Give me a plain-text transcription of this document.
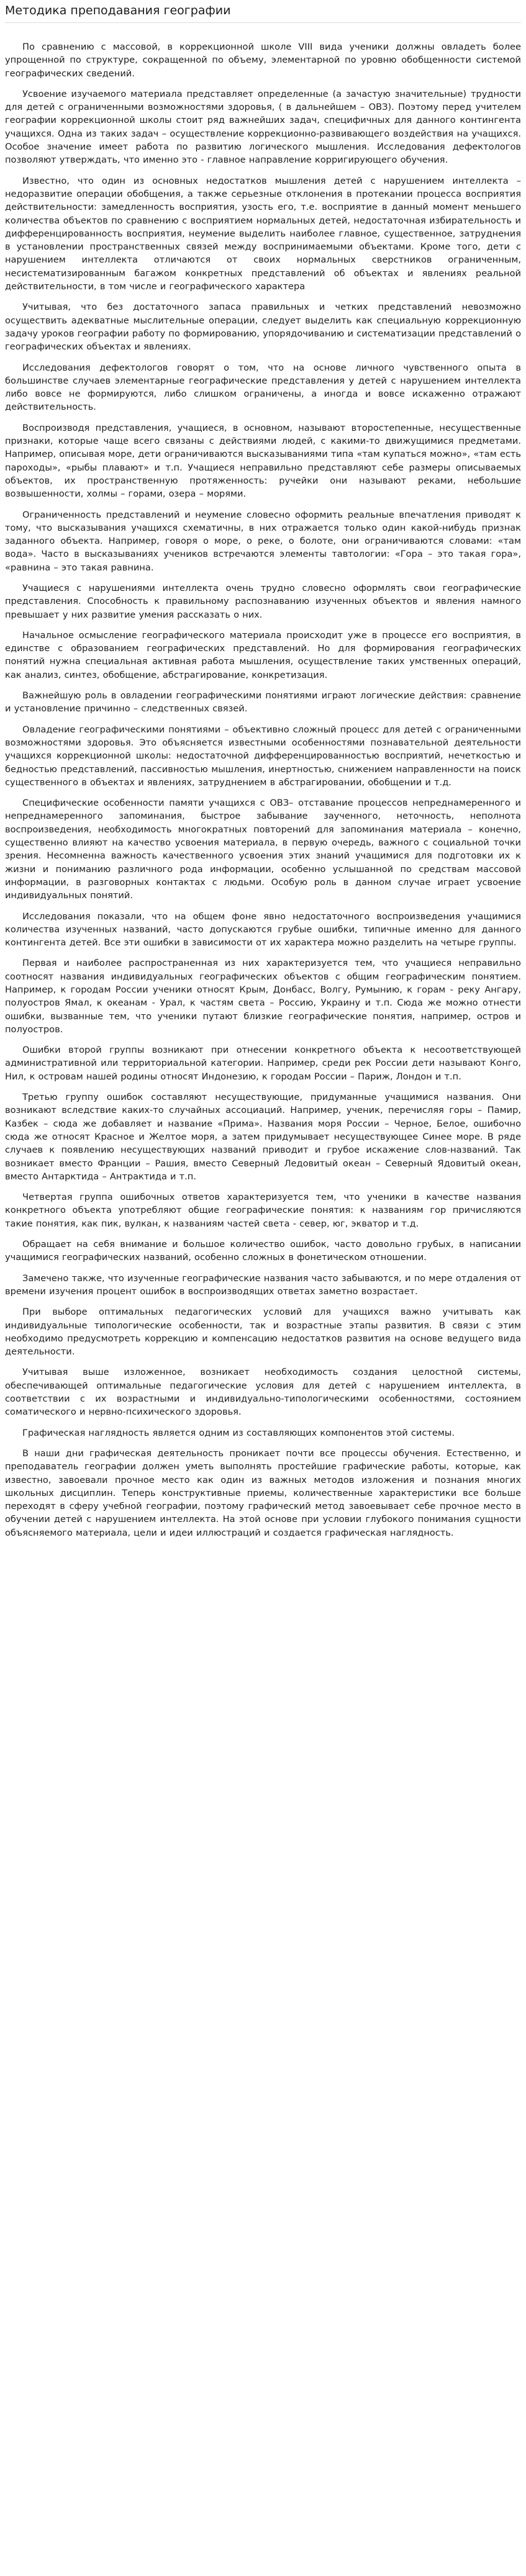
Методика преподавания географии

По сравнению с массовой, в коррекционной школе VIII вида ученики должны овладеть более упрощенной по структуре, сокращенной по объему, элементарной по уровню обобщенности системой географических сведений.

Усвоение изучаемого материала представляет определенные (а зачастую значительные) трудности для детей с ограниченными возможностями здоровья, ( в дальнейшем – ОВЗ). Поэтому перед учителем географии коррекционной школы стоит ряд важнейших задач, специфичных для данного контингента учащихся. Одна из таких задач – осуществление коррекционно-развивающего воздействия на учащихся. Особое значение имеет работа по развитию логического мышления. Исследования дефектологов позволяют утверждать, что именно это - главное направление корригирующего обучения.

Известно, что один из основных недостатков мышления детей с нарушением интеллекта – недоразвитие операции обобщения, а также серьезные отклонения в протекании процесса восприятия действительности: замедленность восприятия, узость его, т.е. восприятие в данный момент меньшего количества объектов по сравнению с восприятием нормальных детей, недостаточная избирательность и дифференцированность восприятия, неумение выделить наиболее главное, существенное, затруднения в установлении пространственных связей между воспринимаемыми объектами. Кроме того, дети с нарушением интеллекта отличаются от своих нормальных сверстников ограниченным, несистематизированным багажом конкретных представлений об объектах и явлениях реальной действительности, в том числе и географического характера

Учитывая, что без достаточного запаса правильных и четких представлений невозможно осуществить адекватные мыслительные операции, следует выделить как специальную коррекционную задачу уроков географии работу по формированию, упорядочиванию и систематизации представлений о географических объектах и явлениях.

Исследования дефектологов говорят о том, что на основе личного чувственного опыта в большинстве случаев элементарные географические представления у детей с нарушением интеллекта либо вовсе не формируются, либо слишком ограничены, а иногда и вовсе искаженно отражают действительность.

Воспроизводя представления, учащиеся, в основном, называют второстепенные, несущественные признаки, которые чаще всего связаны с действиями людей, с какими-то движущимися предметами. Например, описывая море, дети ограничиваются высказываниями типа «там купаться можно», «там есть пароходы», «рыбы плавают» и т.п. Учащиеся неправильно представляют себе размеры описываемых объектов, их пространственную протяженность: ручейки они называют реками, небольшие возвышенности, холмы – горами, озера – морями.

Ограниченность представлений и неумение словесно оформить реальные впечатления приводят к тому, что высказывания учащихся схематичны, в них отражается только один какой-нибудь признак заданного объекта. Например, говоря о море, о реке, о болоте, они ограничиваются словами: «там вода». Часто в высказываниях учеников встречаются элементы тавтологии: «Гора – это такая гора», «равнина – это такая равнина.

Учащиеся с нарушениями интеллекта очень трудно словесно оформлять свои географические представления. Способность к правильному распознаванию изученных объектов и явления намного превышает у них развитие умения рассказать о них.

Начальное осмысление географического материала происходит уже в процессе его восприятия, в единстве с образованием географических представлений. Но для формирования географических понятий нужна специальная активная работа мышления, осуществление таких умственных операций, как анализ, синтез, обобщение, абстрагирование, конкретизация.

Важнейшую роль в овладении географическими понятиями играют логические действия: сравнение и установление причинно – следственных связей.

Овладение географическими понятиями – объективно сложный процесс для детей с ограниченными возможностями здоровья. Это объясняется известными особенностями познавательной деятельности учащихся коррекционной школы: недостаточной дифференцированностью восприятий, нечеткостью и бедностью представлений, пассивностью мышления, инертностью, снижением направленности на поиск существенного в объектах и явлениях, затруднением в абстрагировании, обобщении и т.д.

Специфические особенности памяти учащихся с ОВЗ– отставание процессов непреднамеренного и непреднамеренного запоминания, быстрое забывание заученного, неточность, неполнота воспроизведения, необходимость многократных повторений для запоминания материала – конечно, существенно влияют на качество усвоения материала, в первую очередь, важного с социальной точки зрения. Несомненна важность качественного усвоения этих знаний учащимися для подготовки их к жизни и пониманию различного рода информации, особенно услышанной по средствам массовой информации, в разговорных контактах с людьми. Особую роль в данном случае играет усвоение индивидуальных понятий.

Исследования показали, что на общем фоне явно недостаточного воспроизведения учащимися количества изученных названий, часто допускаются грубые ошибки, типичные именно для данного контингента детей. Все эти ошибки в зависимости от их характера можно разделить на четыре группы.

Первая и наиболее распространенная из них характеризуется тем, что учащиеся неправильно соотносят названия индивидуальных географических объектов с общим географическим понятием. Например, к городам России ученики относят Крым, Донбасс, Волгу, Румынию, к горам - реку Ангару, полуостров Ямал, к океанам - Урал, к частям света – Россию, Украину и т.п. Сюда же можно отнести ошибки, вызванные тем, что ученики путают близкие географические понятия, например, остров и полуостров.

Ошибки второй группы возникают при отнесении конкретного объекта к несоответствующей административной или территориальной категории. Например, среди рек России дети называют Конго, Нил, к островам нашей родины относят Индонезию, к городам России – Париж, Лондон и т.п.

Третью группу ошибок составляют несуществующие, придуманные учащимися названия. Они возникают вследствие каких-то случайных ассоциаций. Например, ученик, перечисляя горы – Памир, Казбек – сюда же добавляет и название «Прима». Названия моря России – Черное, Белое, ошибочно сюда же относят Красное и Желтое моря, а затем придумывает несуществующее Синее море. В ряде случаев к появлению несуществующих названий приводит и грубое искажение слов-названий. Так возникает вместо Франции – Рашия, вместо Северный Ледовитый океан – Северный Ядовитый океан, вместо Антарктида – Антрактида и т.п.

Четвертая группа ошибочных ответов характеризуется тем, что ученики в качестве названия конкретного объекта употребляют общие географические понятия: к названиям гор причисляются такие понятия, как пик, вулкан, к названиям частей света - север, юг, экватор и т.д.

Обращает на себя внимание и большое количество ошибок, часто довольно грубых, в написании учащимися географических названий, особенно сложных в фонетическом отношении.

Замечено также, что изученные географические названия часто забываются, и по мере отдаления от времени изучения процент ошибок в воспроизводящих ответах заметно возрастает.

При выборе оптимальных педагогических условий для учащихся важно учитывать как индивидуальные типологические особенности, так и возрастные этапы развития. В связи с этим необходимо предусмотреть коррекцию и компенсацию недостатков развития на основе ведущего вида деятельности.

Учитывая выше изложенное, возникает необходимость создания целостной системы, обеспечивающей оптимальные педагогические условия для детей с нарушением интеллекта, в соответствии с их возрастными и индивидуально-типологическими особенностями, состоянием соматического и нервно-психического здоровья.

Графическая наглядность является одним из составляющих компонентов этой системы.

В наши дни графическая деятельность проникает почти все процессы обучения. Естественно, и преподаватель географии должен уметь выполнять простейшие графические работы, которые, как известно, завоевали прочное место как один из важных методов изложения и познания многих школьных дисциплин. Теперь конструктивные приемы, количественные характеристики все больше переходят в сферу учебной географии, поэтому графический метод завоевывает себе прочное место в обучении детей с нарушением интеллекта. На этой основе при условии глубокого понимания сущности объясняемого материала, цели и идеи иллюстраций и создается графическая наглядность.
